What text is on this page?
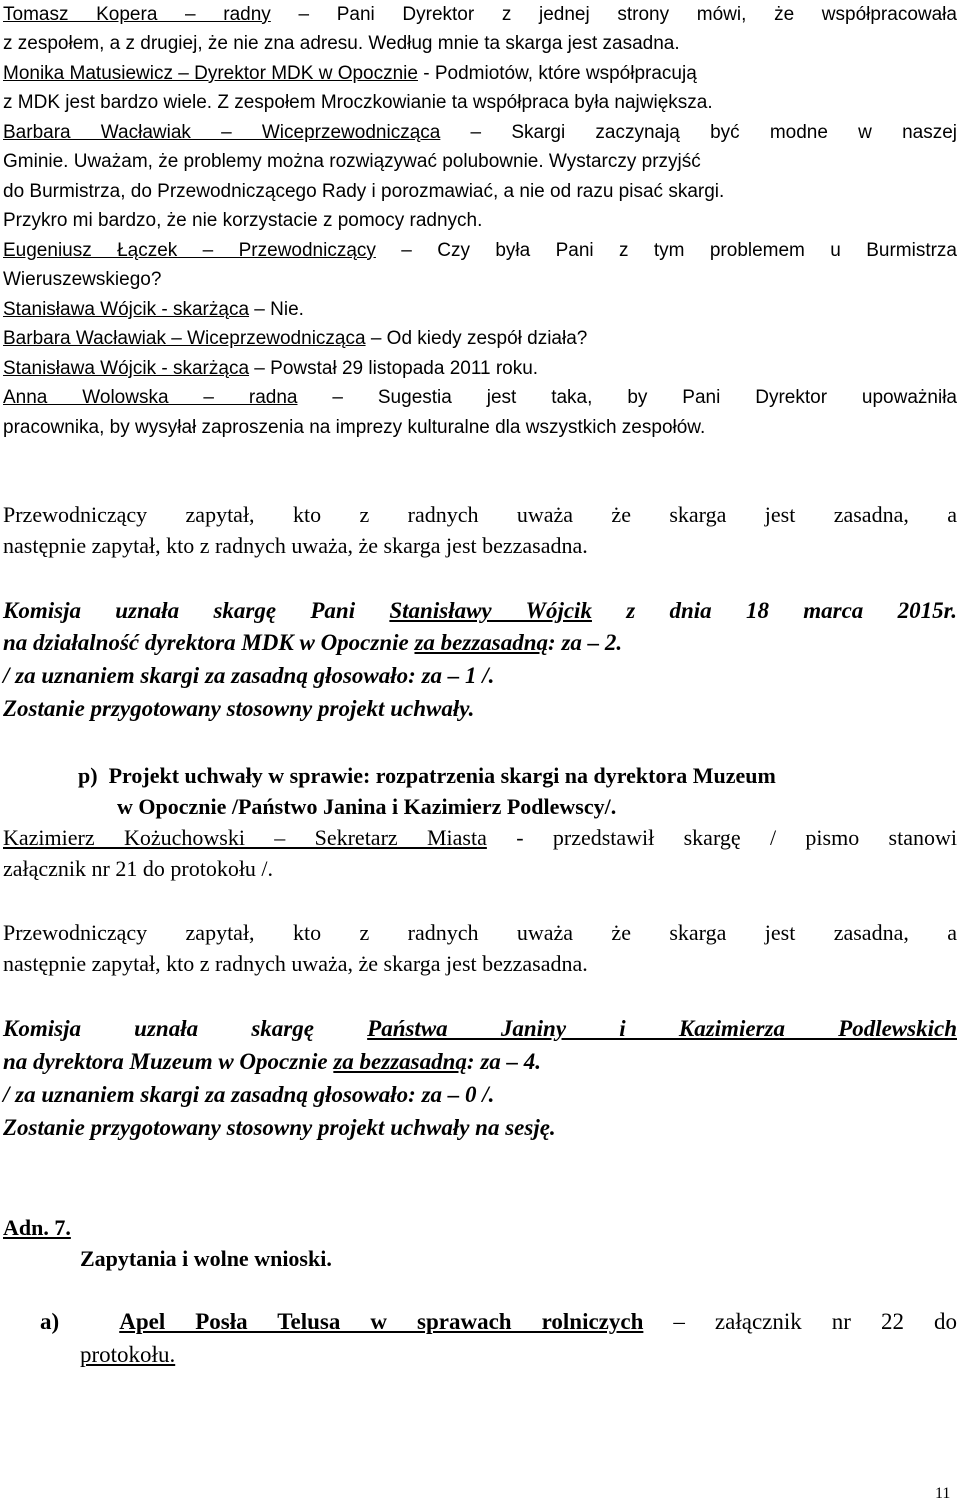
Tomasz Kopera – radny – Pani Dyrektor z jednej strony mówi, że współpracowała

z zespołem, a z drugiej, że nie zna adresu. Według mnie ta skarga jest zasadna.

Monika Matusiewicz – Dyrektor MDK w Opocznie - Podmiotów, które współpracują

z MDK jest bardzo wiele. Z zespołem Mroczkowianie ta współpraca była największa.

Barbara Wacławiak – Wiceprzewodnicząca – Skargi zaczynają być modne w naszej

Gminie. Uważam, że problemy można rozwiązywać polubownie. Wystarczy przyjść

do Burmistrza, do Przewodniczącego Rady i porozmawiać, a nie od razu pisać skargi.

Przykro mi bardzo, że nie korzystacie z pomocy radnych.

Eugeniusz Łączek – Przewodniczący – Czy była Pani z tym problemem u Burmistrza

Wieruszewskiego?

Stanisława Wójcik - skarżąca – Nie.

Barbara Wacławiak – Wiceprzewodnicząca – Od kiedy zespół działa?

Stanisława Wójcik - skarżąca – Powstał 29 listopada 2011 roku.

Anna Wolowska – radna – Sugestia jest taka, by Pani Dyrektor upoważniła

pracownika, by wysyłał zaproszenia na imprezy kulturalne dla wszystkich zespołów.

Przewodniczący zapytał, kto z radnych uważa że skarga jest zasadna, a

następnie zapytał, kto z radnych uważa, że skarga jest bezzasadna.

Komisja uznała skargę Pani Stanisławy Wójcik z dnia 18 marca 2015r.

na działalność dyrektora MDK w Opocznie za bezzasadną: za – 2.

/ za uznaniem skargi za zasadną głosowało: za – 1 /.

Zostanie przygotowany stosowny projekt uchwały.

p) Projekt uchwały w sprawie: rozpatrzenia skargi na dyrektora Muzeum

w Opocznie /Państwo Janina i Kazimierz Podlewscy/.

Kazimierz Kożuchowski – Sekretarz Miasta - przedstawił skargę / pismo stanowi

załącznik nr 21 do protokołu /.

Przewodniczący zapytał, kto z radnych uważa że skarga jest zasadna, a

następnie zapytał, kto z radnych uważa, że skarga jest bezzasadna.

Komisja uznała skargę Państwa Janiny i Kazimierza Podlewskich

na dyrektora Muzeum w Opocznie za bezzasadną: za – 4.

/ za uznaniem skargi za zasadną głosowało: za – 0 /.

Zostanie przygotowany stosowny projekt uchwały na sesję.

Adn. 7.

Zapytania i wolne wnioski.

a)	Apel Posła Telusa w sprawach rolniczych – załącznik nr 22 do

protokołu.

11
